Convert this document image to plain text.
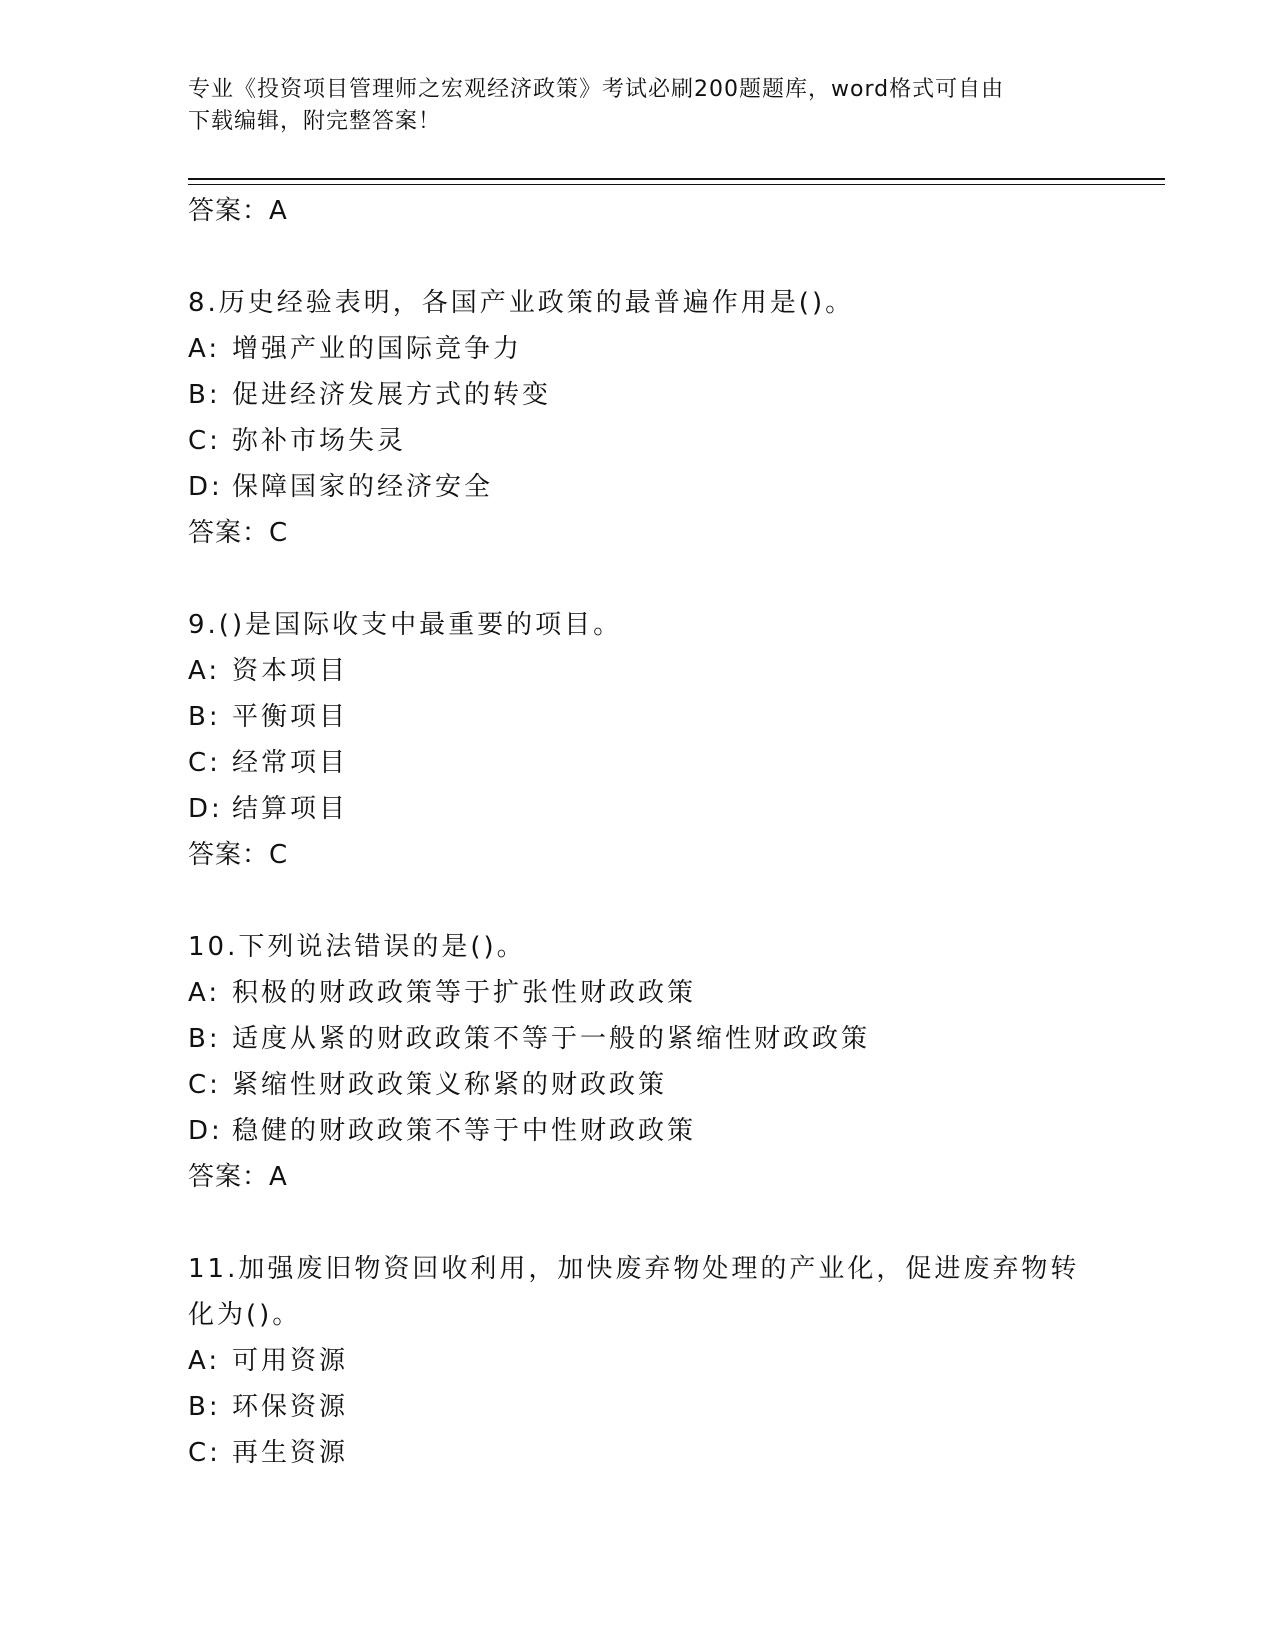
专业《投资项目管理师之宏观经济政策》考试必刷200题题库，word格式可自由
下载编辑，附完整答案！
答案：A
8.历史经验表明，各国产业政策的最普遍作用是()。
A: 增强产业的国际竞争力
B: 促进经济发展方式的转变
C: 弥补市场失灵
D: 保障国家的经济安全
答案：C
9.()是国际收支中最重要的项目。
A: 资本项目
B: 平衡项目
C: 经常项目
D: 结算项目
答案：C
10.下列说法错误的是()。
A: 积极的财政政策等于扩张性财政政策
B: 适度从紧的财政政策不等于一般的紧缩性财政政策
C: 紧缩性财政政策义称紧的财政政策
D: 稳健的财政政策不等于中性财政政策
答案：A
11.加强废旧物资回收利用，加快废弃物处理的产业化，促进废弃物转化为()。
A: 可用资源
B: 环保资源
C: 再生资源
